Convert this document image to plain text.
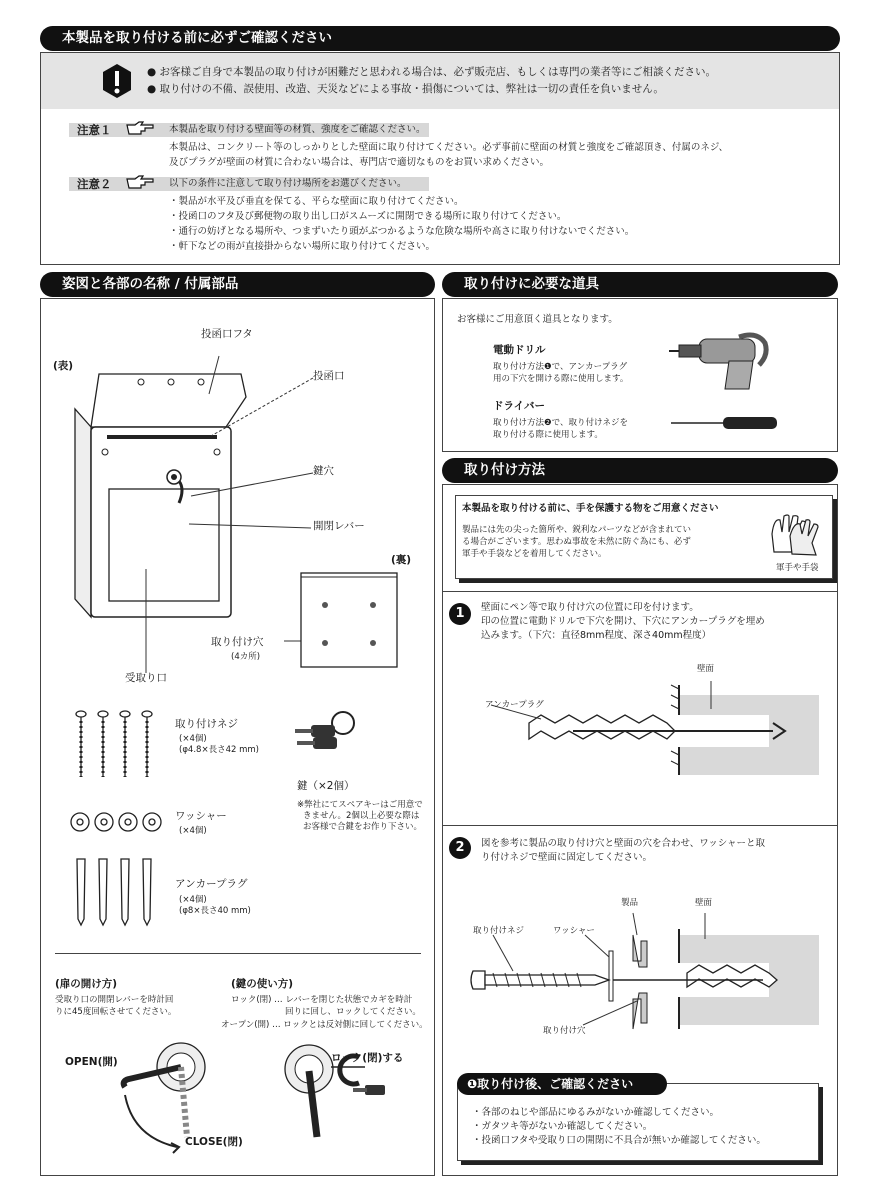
本製品を取り付ける前に必ずご確認ください
● お客様ご自身で本製品の取り付けが困難だと思われる場合は、必ず販売店、もしくは専門の業者等にご相談ください。
● 取り付けの不備、誤使用、改造、天災などによる事故・損傷については、弊社は一切の責任を負いません。
注意１	本製品を取り付ける壁面等の材質、強度をご確認ください。
本製品は、コンクリート等のしっかりとした壁面に取り付けてください。必ず事前に壁面の材質と強度をご確認頂き、付属のネジ、
及びプラグが壁面の材質に合わない場合は、専門店で適切なものをお買い求めください。
注意２	以下の条件に注意して取り付け場所をお選びください。
・製品が水平及び垂直を保てる、平らな壁面に取り付けてください。
・投函口のフタ及び郵便物の取り出し口がスムーズに開閉できる場所に取り付けてください。
・通行の妨げとなる場所や、つまずいたり頭がぶつかるような危険な場所や高さに取り付けないでください。
・軒下などの雨が直接掛からない場所に取り付けてください。
姿図と各部の名称 / 付属部品
(表)
投函口フタ
投函口
鍵穴
開閉レバー
受取り口
(裏)
取り付け穴
(4カ所)
取り付けネジ
(×4個)
(φ4.8×長さ42 mm)
鍵（×2個）
※弊社にてスペアキーはご用意で
きません。2個以上必要な際は
お客様で合鍵をお作り下さい。
ワッシャー
(×4個)
アンカープラグ
(×4個)
(φ8×長さ40 mm)
(扉の開け方)
受取り口の開閉レバーを時計回
りに45度回転させてください。
(鍵の使い方)
ロック(閉) … レバーを閉じた状態でカギを時計
回りに回し、ロックしてください。
オープン(開) … ロックとは反対側に回してください。
OPEN(開)
CLOSE(閉)
ロック(閉)する
取り付けに必要な道具
お客様にご用意頂く道具となります。
電動ドリル
取り付け方法❶で、アンカープラグ
用の下穴を開ける際に使用します。
ドライバー
取り付け方法❷で、取り付けネジを
取り付ける際に使用します。
取り付け方法
本製品を取り付ける前に、手を保護する物をご用意ください
製品には先の尖った箇所や、鋭利なパーツなどが含まれてい
る場合がございます。思わぬ事故を未然に防ぐ為にも、必ず
軍手や手袋などを着用してください。
軍手や手袋
1	壁面にペン等で取り付け穴の位置に印を付けます。
印の位置に電動ドリルで下穴を開け、下穴にアンカープラグを埋め
込みます。（下穴：直径8mm程度、深さ40mm程度）
壁面
アンカープラグ
2	図を参考に製品の取り付け穴と壁面の穴を合わせ、ワッシャーと取
り付けネジで壁面に固定してください。
製品	壁面
取り付けネジ	ワッシャー
取り付け穴
・各部のねじや部品にゆるみがないか確認してください。
・ガタツキ等がないか確認してください。
・投函口フタや受取り口の開閉に不具合が無いか確認してください。
❶取り付け後、ご確認ください
